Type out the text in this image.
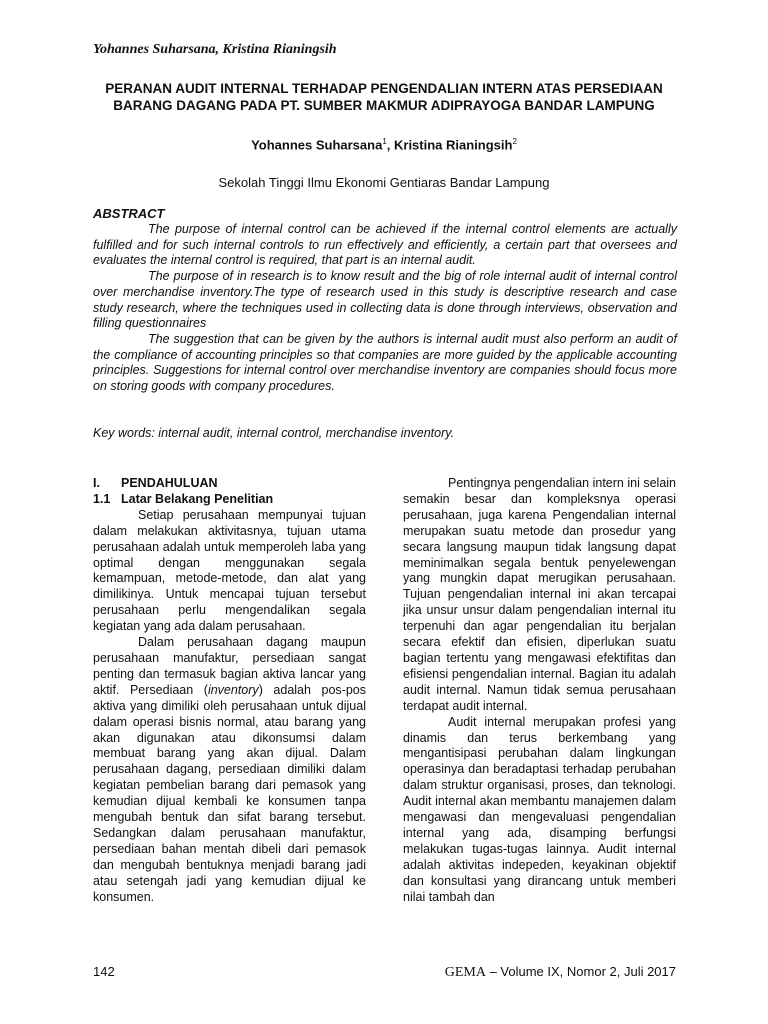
Yohannes Suharsana, Kristina Rianingsih
PERANAN AUDIT INTERNAL TERHADAP PENGENDALIAN INTERN ATAS PERSEDIAAN
BARANG DAGANG PADA PT. SUMBER MAKMUR ADIPRAYOGA BANDAR LAMPUNG
Yohannes Suharsana$^1$, Kristina Rianingsih$^2$
Sekolah Tinggi Ilmu Ekonomi Gentiaras Bandar Lampung
ABSTRACT

The purpose of internal control can be achieved if the internal control elements are actually fulfilled and for such internal controls to run effectively and efficiently, a certain part that oversees and evaluates the internal control is required, that part is an internal audit.

The purpose of in research is to know result and the big of role internal audit of internal control over merchandise inventory.The type of research used in this study is descriptive research and case study research, where the techniques used in collecting data is done through interviews, observation and filling questionnaires

The suggestion that can be given by the authors is internal audit must also perform an audit of the compliance of accounting principles so that companies are more guided by the applicable accounting principles. Suggestions for internal control over merchandise inventory are companies should focus more on storing goods with company procedures.

Key words: internal audit, internal control, merchandise inventory.
I.	PENDAHULUAN
1.1 Latar Belakang Penelitian

Setiap perusahaan mempunyai tujuan dalam melakukan aktivitasnya, tujuan utama perusahaan adalah untuk memperoleh laba yang optimal dengan menggunakan segala kemampuan, metode-metode, dan alat yang dimilikinya. Untuk mencapai tujuan tersebut perusahaan perlu mengendalikan segala kegiatan yang ada dalam perusahaan.

Dalam perusahaan dagang maupun perusahaan manufaktur, persediaan sangat penting dan termasuk bagian aktiva lancar yang aktif. Persediaan (inventory) adalah pos-pos aktiva yang dimiliki oleh perusahaan untuk dijual dalam operasi bisnis normal, atau barang yang akan digunakan atau dikonsumsi dalam membuat barang yang akan dijual. Dalam perusahaan dagang, persediaan dimiliki dalam kegiatan pembelian barang dari pemasok yang kemudian dijual kembali ke konsumen tanpa mengubah bentuk dan sifat barang tersebut. Sedangkan dalam perusahaan manufaktur, persediaan bahan mentah dibeli dari pemasok dan mengubah bentuknya menjadi barang jadi atau setengah jadi yang kemudian dijual ke konsumen.

Pentingnya pengendalian intern ini selain semakin besar dan kompleksnya operasi perusahaan, juga karena Pengendalian internal merupakan suatu metode dan prosedur yang secara langsung maupun tidak langsung dapat meminimalkan segala bentuk penyelewengan yang mungkin dapat merugikan perusahaan. Tujuan pengendalian internal ini akan tercapai jika unsur unsur dalam pengendalian internal itu terpenuhi dan agar pengendalian itu berjalan secara efektif dan efisien, diperlukan suatu bagian tertentu yang mengawasi efektifitas dan efisiensi pengendalian internal. Bagian itu adalah audit internal. Namun tidak semua perusahaan terdapat audit internal.

Audit internal merupakan profesi yang dinamis dan terus berkembang yang mengantisipasi perubahan dalam lingkungan operasinya dan beradaptasi terhadap perubahan dalam struktur organisasi, proses, dan teknologi. Audit internal akan membantu manajemen dalam mengawasi dan mengevaluasi pengendalian internal yang ada, disamping berfungsi melakukan tugas-tugas lainnya. Audit internal adalah aktivitas indepeden, keyakinan objektif dan konsultasi yang dirancang untuk memberi nilai tambah dan

142	GEMA – Volume IX, Nomor 2, Juli 2017
